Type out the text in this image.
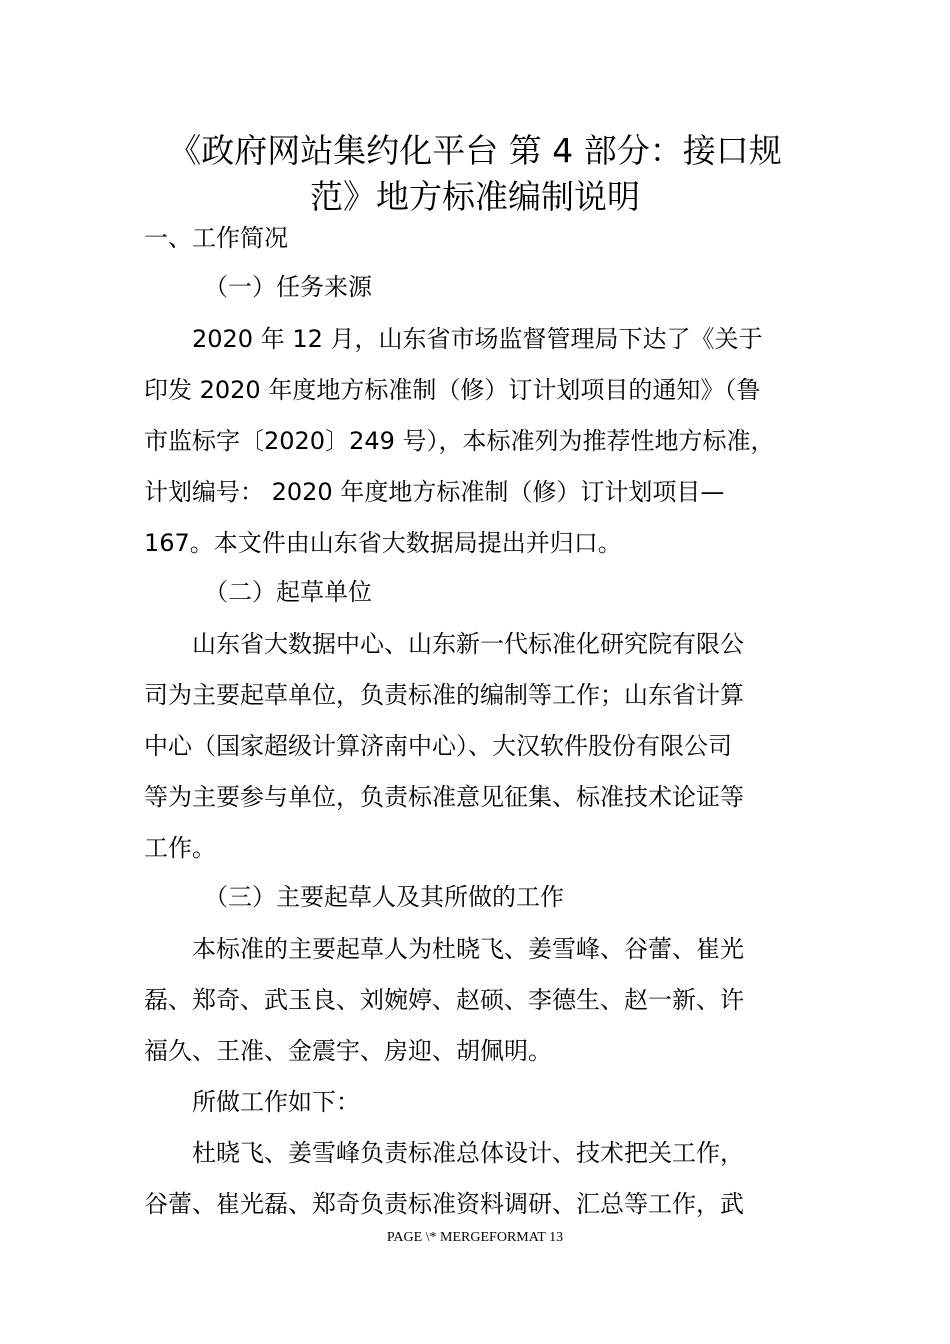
《政府网站集约化平台 第 4 部分：接口规
范》地方标准编制说明

一、工作简况

（一）任务来源

2020 年 12 月，山东省市场监督管理局下达了《关于

印发 2020 年度地方标准制（修）订计划项目的通知》（鲁

市监标字〔2020〕249 号），本标准列为推荐性地方标准，

计划编号： 2020 年度地方标准制（修）订计划项目—

167。本文件由山东省大数据局提出并归口。

（二）起草单位

山东省大数据中心、山东新一代标准化研究院有限公

司为主要起草单位，负责标准的编制等工作；山东省计算

中心（国家超级计算济南中心）、大汉软件股份有限公司

等为主要参与单位，负责标准意见征集、标准技术论证等

工作。

（三）主要起草人及其所做的工作

本标准的主要起草人为杜晓飞、姜雪峰、谷蕾、崔光

磊、郑奇、武玉良、刘婉婷、赵硕、李德生、赵一新、许

福久、王准、金震宇、房迎、胡佩明。

所做工作如下：

杜晓飞、姜雪峰负责标准总体设计、技术把关工作，

谷蕾、崔光磊、郑奇负责标准资料调研、汇总等工作，武

PAGE \* MERGEFORMAT 13
